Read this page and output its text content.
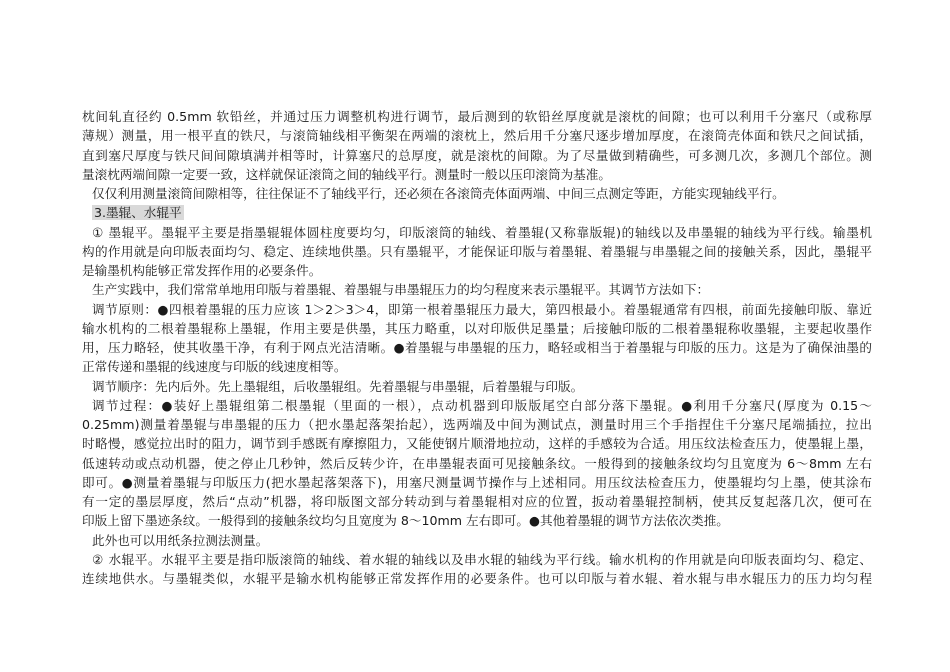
枕间轧直径约 0.5mm 软铅丝，并通过压力调整机构进行调节，最后测到的软铅丝厚度就是滚枕的间隙；也可以利用千分塞尺（或称厚
薄规）测量，用一根平直的铁尺，与滚筒轴线相平衡架在两端的滚枕上，然后用千分塞尺逐步增加厚度，在滚筒壳体面和铁尺之间试插，
直到塞尺厚度与铁尺间间隙填满并相等时，计算塞尺的总厚度，就是滚枕的间隙。为了尽量做到精确些，可多测几次，多测几个部位。测
量滚枕两端间隙一定要一致，这样就保证滚筒之间的轴线平行。测量时一般以压印滚筒为基准。
仅仅利用测量滚筒间隙相等，往往保证不了轴线平行，还必须在各滚筒壳体面两端、中间三点测定等距，方能实现轴线平行。
3.墨辊、水辊平
① 墨辊平。墨辊平主要是指墨辊辊体圆柱度要均匀，印版滚筒的轴线、着墨辊(又称靠版辊)的轴线以及串墨辊的轴线为平行线。输墨机
构的作用就是向印版表面均匀、稳定、连续地供墨。只有墨辊平，才能保证印版与着墨辊、着墨辊与串墨辊之间的接触关系，因此，墨辊平
是输墨机构能够正常发挥作用的必要条件。
生产实践中，我们常常单地用印版与着墨辊、着墨辊与串墨辊压力的均匀程度来表示墨辊平。其调节方法如下：
调节原则：●四根着墨辊的压力应该 1＞2＞3＞4，即第一根着墨辊压力最大，第四根最小。着墨辊通常有四根，前面先接触印版、靠近
输水机构的二根着墨辊称上墨辊，作用主要是供墨，其压力略重，以对印版供足墨量；后接触印版的二根着墨辊称收墨辊，主要起收墨作
用，压力略轻，使其收墨干净，有利于网点光洁清晰。●着墨辊与串墨辊的压力，略轻或相当于着墨辊与印版的压力。这是为了确保油墨的
正常传递和墨辊的线速度与印版的线速度相等。
调节顺序：先内后外。先上墨辊组，后收墨辊组。先着墨辊与串墨辊，后着墨辊与印版。
调节过程：●装好上墨辊组第二根墨辊（里面的一根），点动机器到印版版尾空白部分落下墨辊。●利用千分塞尺(厚度为 0.15～
0.25mm)测量着墨辊与串墨辊的压力（把水墨起落架抬起），选两端及中间为测试点，测量时用三个手指捏住千分塞尺尾端插拉，拉出
时略慢，感觉拉出时的阻力，调节到手感既有摩擦阻力，又能使钢片顺滑地拉动，这样的手感较为合适。用压纹法检查压力，使墨辊上墨，
低速转动或点动机器，使之停止几秒钟，然后反转少许，在串墨辊表面可见接触条纹。一般得到的接触条纹均匀且宽度为 6～8mm 左右
即可。●测量着墨辊与印版压力(把水墨起落架落下)，用塞尺测量调节操作与上述相同。用压纹法检查压力，使墨辊均匀上墨，使其涂布
有一定的墨层厚度，然后“点动”机器，将印版图文部分转动到与着墨辊相对应的位置，扳动着墨辊控制柄，使其反复起落几次，便可在
印版上留下墨迹条纹。一般得到的接触条纹均匀且宽度为 8～10mm 左右即可。●其他着墨辊的调节方法依次类推。
此外也可以用纸条拉测法测量。
② 水辊平。水辊平主要是指印版滚筒的轴线、着水辊的轴线以及串水辊的轴线为平行线。输水机构的作用就是向印版表面均匀、稳定、
连续地供水。与墨辊类似，水辊平是输水机构能够正常发挥作用的必要条件。也可以印版与着水辊、着水辊与串水辊压力的压力均匀程
